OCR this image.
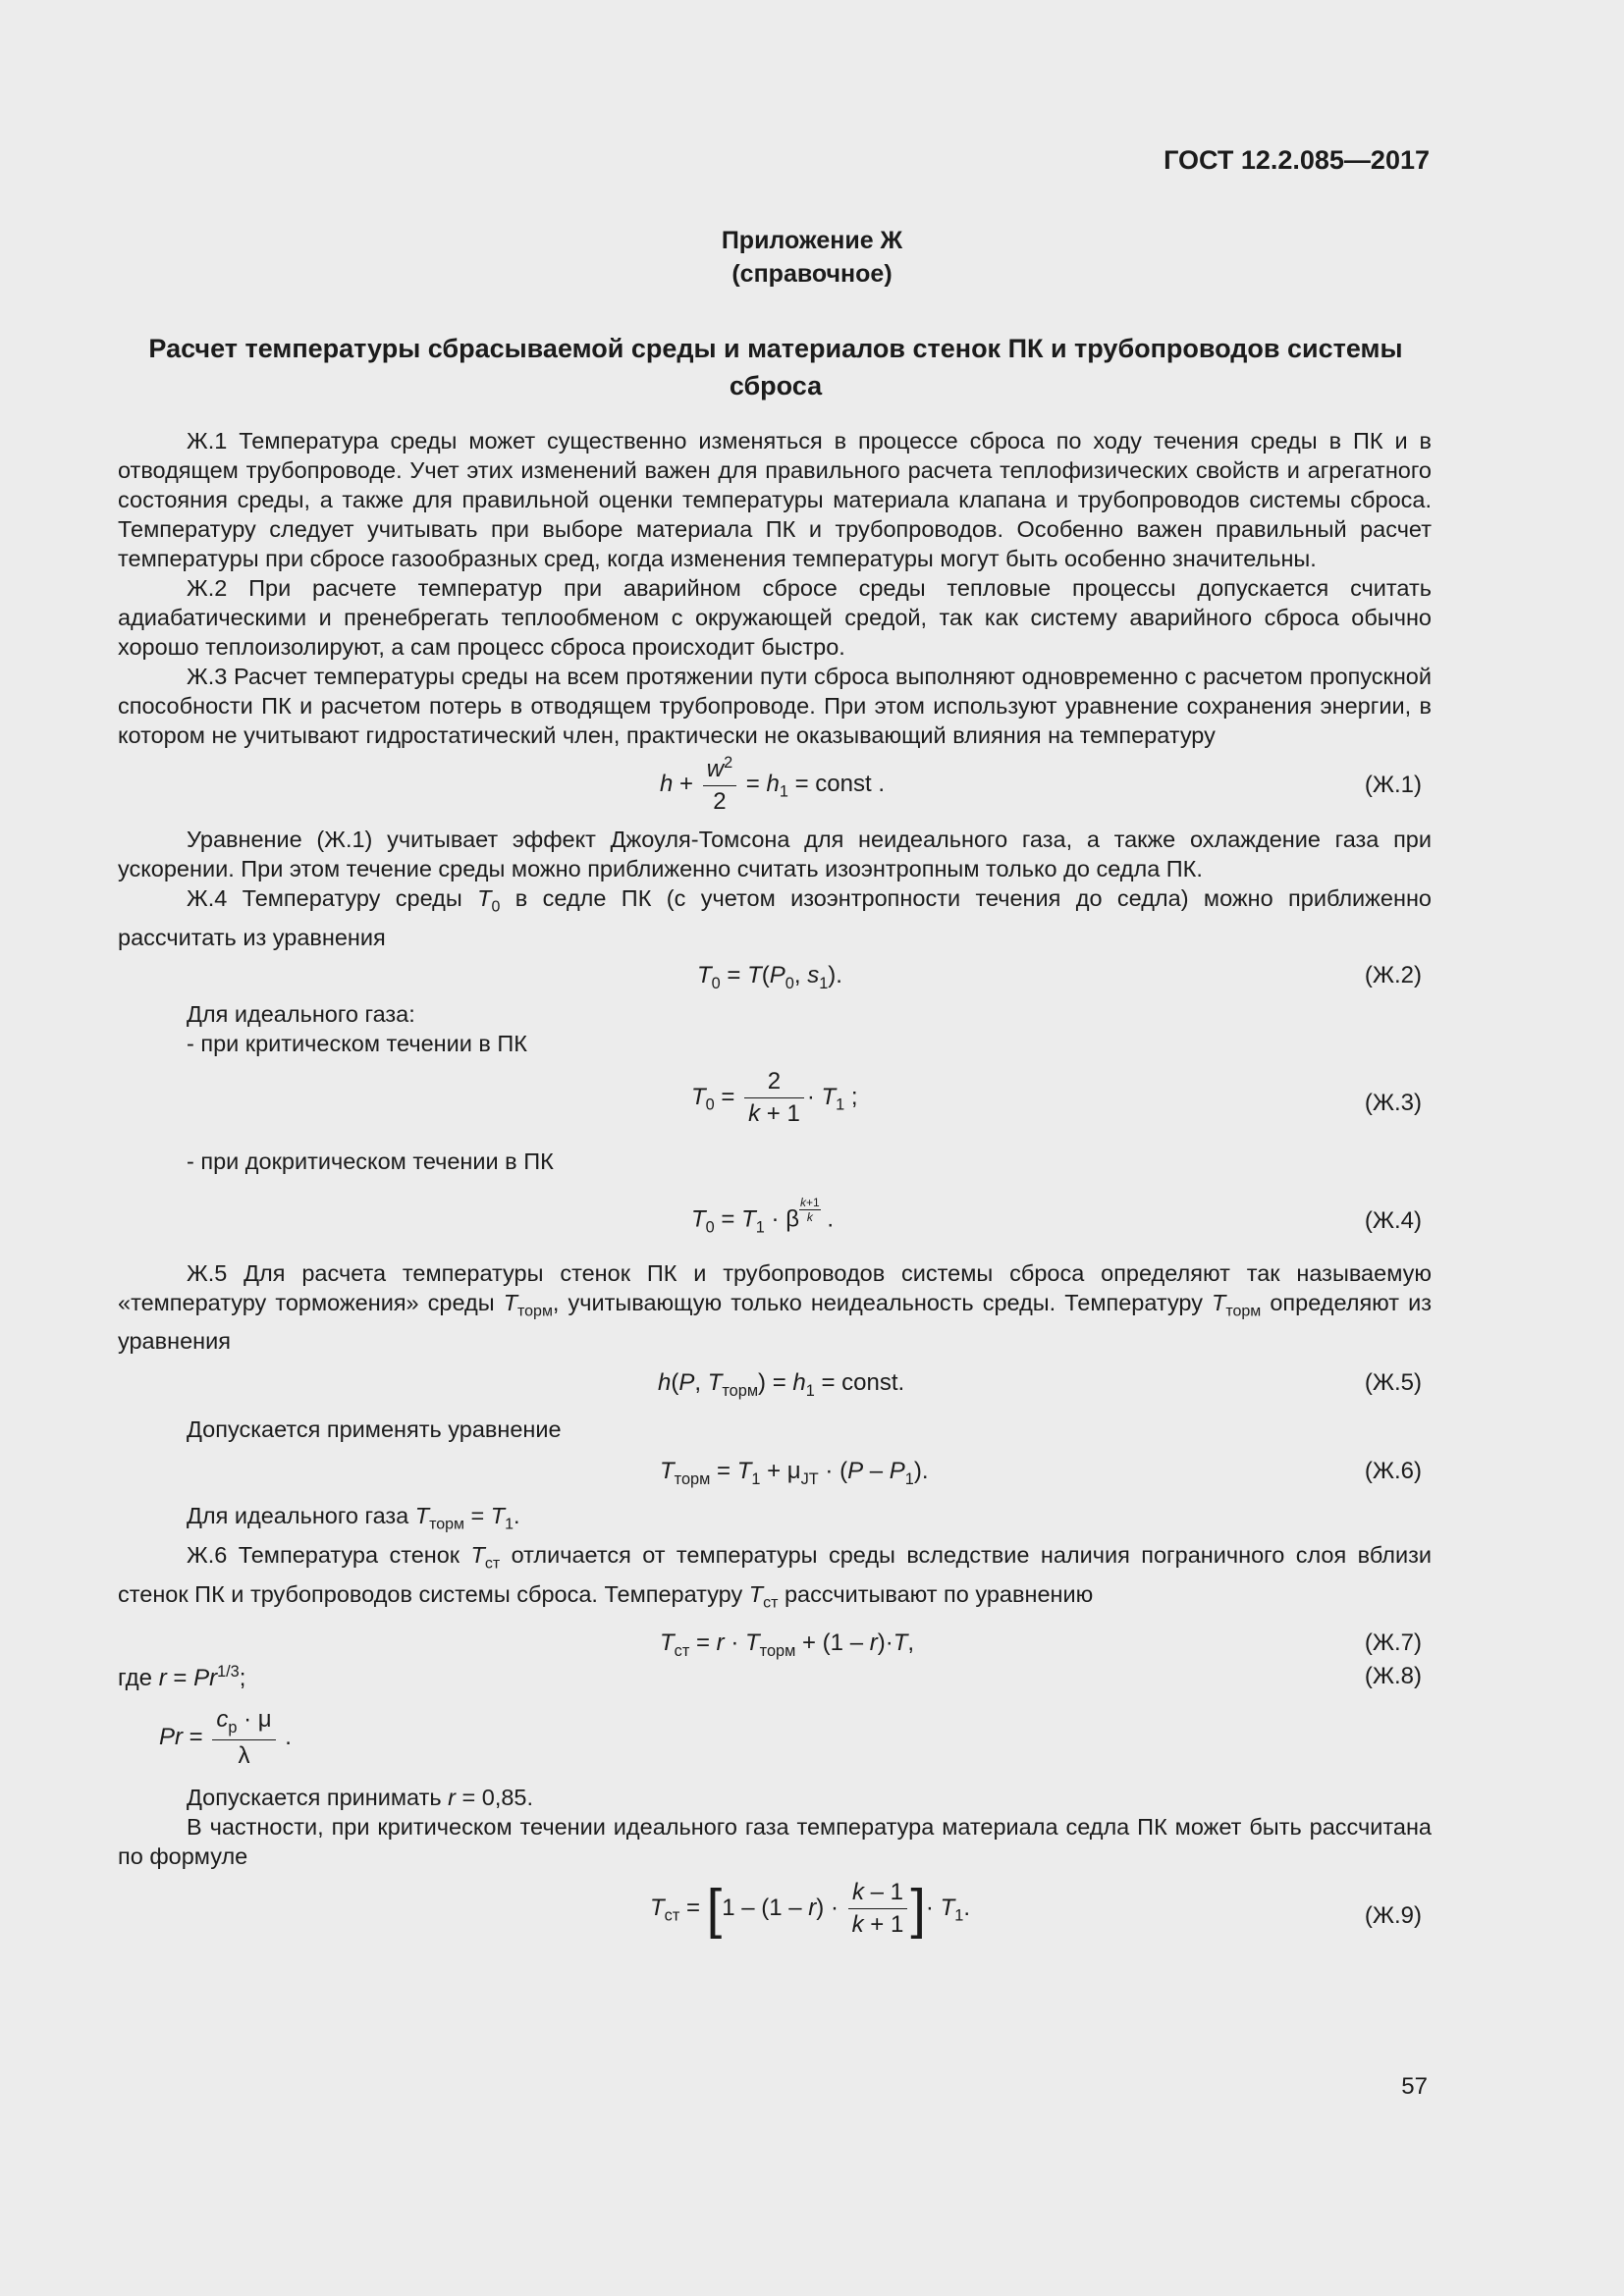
ГОСТ 12.2.085—2017
Приложение Ж
(справочное)
Расчет температуры сбрасываемой среды и материалов стенок ПК и трубопроводов системы сброса

Ж.1 Температура среды может существенно изменяться в процессе сброса по ходу течения среды в ПК и в отводящем трубопроводе. Учет этих изменений важен для правильного расчета теплофизических свойств и агрегатного состояния среды, а также для правильной оценки температуры материала клапана и трубопроводов системы сброса. Температуру следует учитывать при выборе материала ПК и трубопроводов. Особенно важен правильный расчет температуры при сбросе газообразных сред, когда изменения температуры могут быть особенно значительны.

Ж.2 При расчете температур при аварийном сбросе среды тепловые процессы допускается считать адиабатическими и пренебрегать теплообменом с окружающей средой, так как систему аварийного сброса обычно хорошо теплоизолируют, а сам процесс сброса происходит быстро.

Ж.3 Расчет температуры среды на всем протяжении пути сброса выполняют одновременно с расчетом пропускной способности ПК и расчетом потерь в отводящем трубопроводе. При этом используют уравнение сохранения энергии, в котором не учитывают гидростатический член, практически не оказывающий влияния на температуру

$h + \frac{w^2}{2} = h_1$ = const .	(Ж.1)

Уравнение (Ж.1) учитывает эффект Джоуля-Томсона для неидеального газа, а также охлаждение газа при ускорении. При этом течение среды можно приближенно считать изоэнтропным только до седла ПК.

Ж.4 Температуру среды $T_0$ в седле ПК (с учетом изоэнтропности течения до седла) можно приближенно рассчитать из уравнения

$T_0 = T(P_0$, $s_1$).	(Ж.2)

Для идеального газа:

- при критическом течении в ПК

$T_0 = \frac{2}{k + 1} \cdot T_1$ ;	(Ж.3)

- при докритическом течении в ПК

$T_0 = T_1 \cdot \beta$ $^{\frac{k+1}{k}}$ .	(Ж.4)

Ж.5 Для расчета температуры стенок ПК и трубопроводов системы сброса определяют так называемую «температуру торможения» среды $T_{торм}$, учитывающую только неидеальность среды. Температуру $T_{торм}$ определяют из уравнения

h(P, $T_{торм}) = h_1$ = const.	(Ж.5)

Допускается применять уравнение

$T_{торм} = T_1 + \mu_{JT} \cdot (P - P_1)$.	(Ж.6)

Для идеального газа $T_{торм} = T_1$.

Ж.6 Температура стенок $T_{ст}$ отличается от температуры среды вследствие наличия пограничного слоя вблизи стенок ПК и трубопроводов системы сброса. Температуру $T_{ст}$ рассчитывают по уравнению

$T_{ст} = r \cdot T_{торм} + (1 - r)\cdot T$,	(Ж.7)
где $r = Pr^{1/3}$;	(Ж.8)
$Pr = \frac{c_p \cdot \mu}{\lambda}$ .

Допускается принимать r = 0,85.

В частности, при критическом течении идеального газа температура материала седла ПК может быть рассчитана по формуле

$T_{ст} = [1 - (1 - r) \cdot \frac{k - 1}{k + 1}$ ]· $T_1$.	(Ж.9)
57
